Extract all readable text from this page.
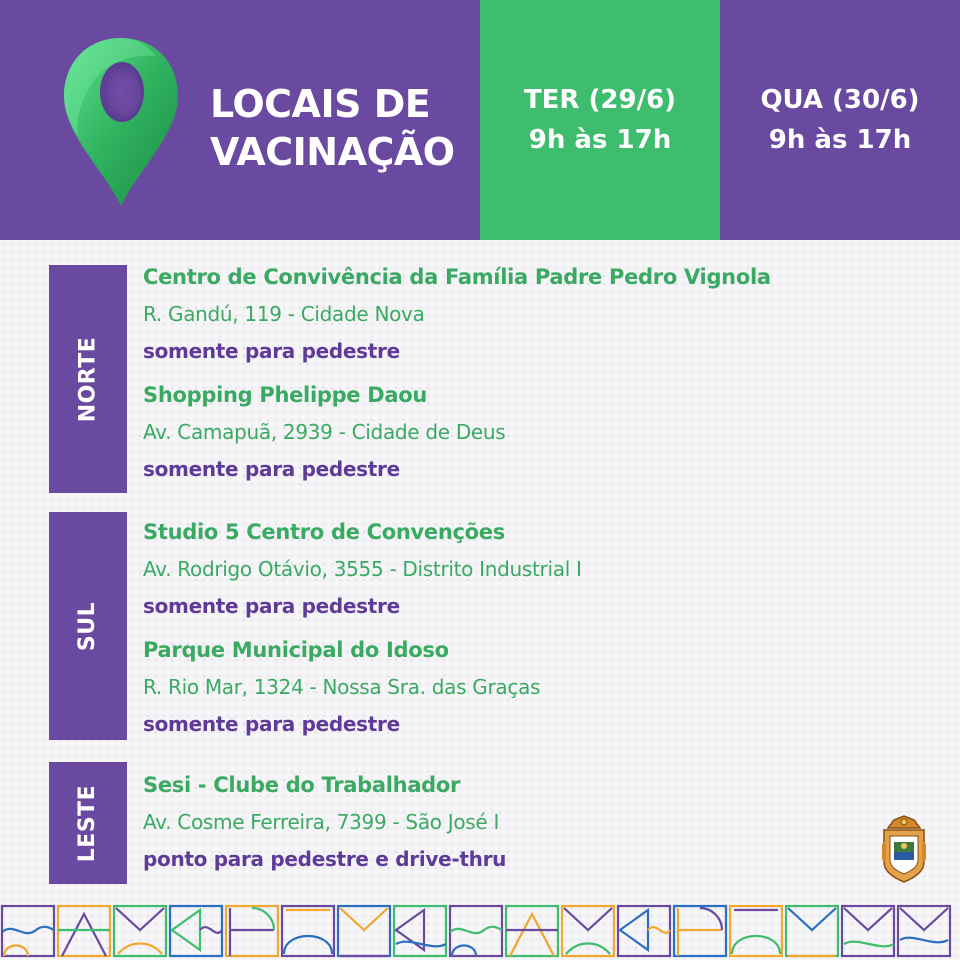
LOCAIS DE
VACINAÇÃO
TER (29/6)
9h às 17h
QUA (30/6)
9h às 17h
NORTE
Centro de Convivência da Família Padre Pedro Vignola
R. Gandú, 119 - Cidade Nova
somente para pedestre
Shopping Phelippe Daou
Av. Camapuã, 2939 - Cidade de Deus
somente para pedestre
SUL
Studio 5 Centro de Convenções
Av. Rodrigo Otávio, 3555 - Distrito Industrial I
somente para pedestre
Parque Municipal do Idoso
R. Rio Mar, 1324 - Nossa Sra. das Graças
somente para pedestre
LESTE Sesi - Clube do Trabalhador
Av. Cosme Ferreira, 7399 - São José I
ponto para pedestre e drive-thru
